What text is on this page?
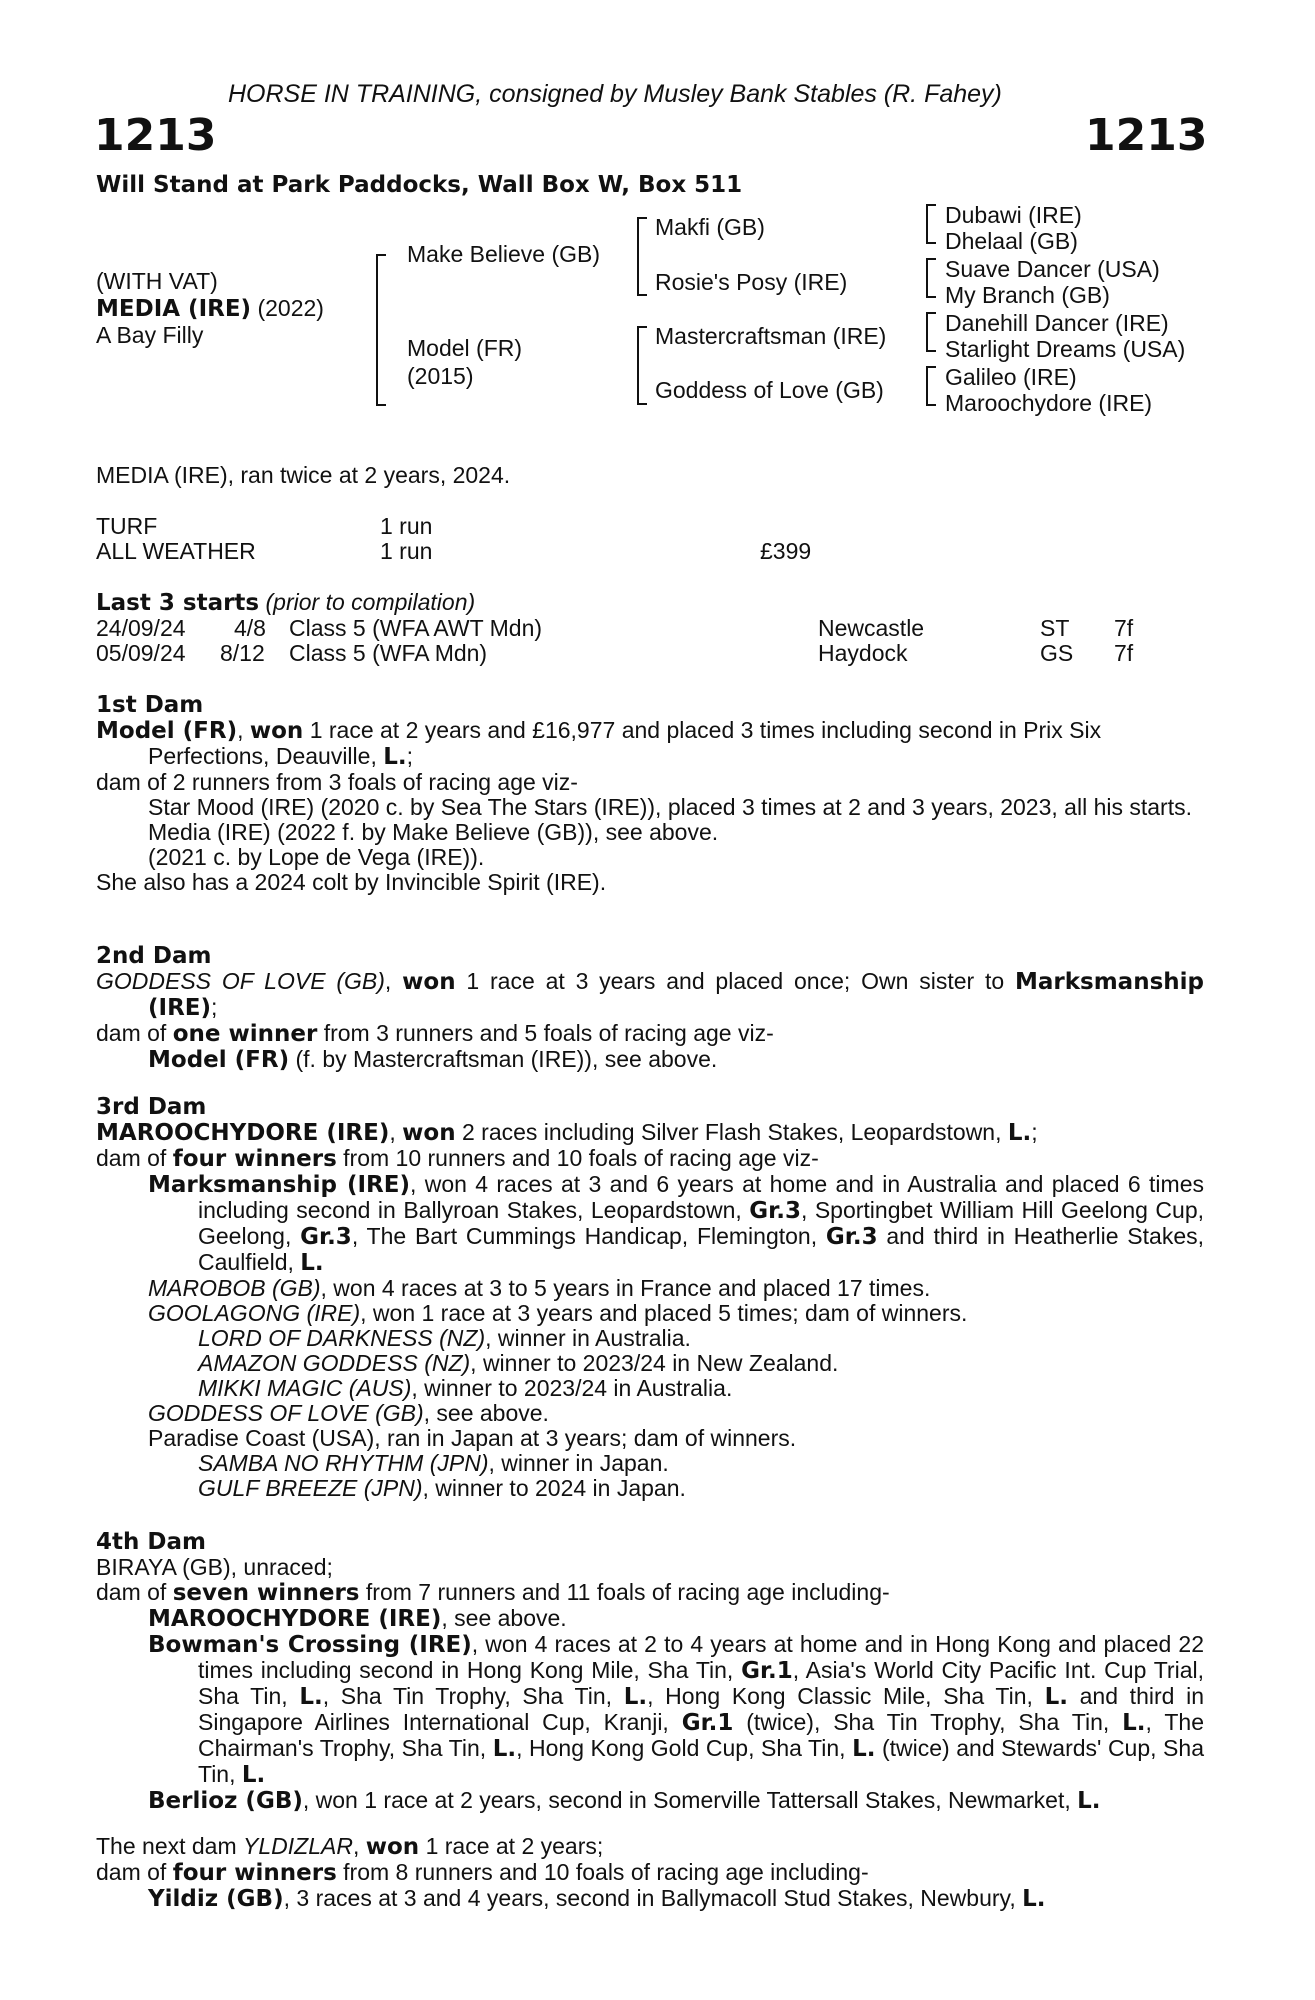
HORSE IN TRAINING, consigned by Musley Bank Stables (R. Fahey)
1213	1213
Will Stand at Park Paddocks, Wall Box W, Box 511
(WITH VAT)
MEDIA (IRE) (2022)
A Bay Filly
Make Believe (GB)
Model (FR)
(2015)
Makfi (GB)
Rosie's Posy (IRE)
Mastercraftsman (IRE)
Goddess of Love (GB)
Dubawi (IRE)
Dhelaal (GB)
Suave Dancer (USA)
My Branch (GB)
Danehill Dancer (IRE)
Starlight Dreams (USA)
Galileo (IRE)
Maroochydore (IRE)
MEDIA (IRE), ran twice at 2 years, 2024.
TURF	1 run
ALL WEATHER	1 run	£399
Last 3 starts (prior to compilation)
24/09/24 4/8 Class 5 (WFA AWT Mdn)	Newcastle	ST 7f
05/09/24 8/12 Class 5 (WFA Mdn)	Haydock	GS 7f

1st Dam

Model (FR), won 1 race at 2 years and £16,977 and placed 3 times including second in Prix Six Perfections, Deauville, L.;

dam of 2 runners from 3 foals of racing age viz-

Star Mood (IRE) (2020 c. by Sea The Stars (IRE)), placed 3 times at 2 and 3 years, 2023, all his starts.

Media (IRE) (2022 f. by Make Believe (GB)), see above.

(2021 c. by Lope de Vega (IRE)).

She also has a 2024 colt by Invincible Spirit (IRE).

2nd Dam

GODDESS OF LOVE (GB), won 1 race at 3 years and placed once; Own sister to Marksmanship (IRE);

dam of one winner from 3 runners and 5 foals of racing age viz-

Model (FR) (f. by Mastercraftsman (IRE)), see above.

3rd Dam

MAROOCHYDORE (IRE), won 2 races including Silver Flash Stakes, Leopardstown, L.;

dam of four winners from 10 runners and 10 foals of racing age viz-

Marksmanship (IRE), won 4 races at 3 and 6 years at home and in Australia and placed 6 times including second in Ballyroan Stakes, Leopardstown, Gr.3, Sportingbet William Hill Geelong Cup, Geelong, Gr.3, The Bart Cummings Handicap, Flemington, Gr.3 and third in Heatherlie Stakes, Caulfield, L.

MAROBOB (GB), won 4 races at 3 to 5 years in France and placed 17 times.

GOOLAGONG (IRE), won 1 race at 3 years and placed 5 times; dam of winners.

LORD OF DARKNESS (NZ), winner in Australia.

AMAZON GODDESS (NZ), winner to 2023/24 in New Zealand.

MIKKI MAGIC (AUS), winner to 2023/24 in Australia.

GODDESS OF LOVE (GB), see above.

Paradise Coast (USA), ran in Japan at 3 years; dam of winners.

SAMBA NO RHYTHM (JPN), winner in Japan.

GULF BREEZE (JPN), winner to 2024 in Japan.

4th Dam

BIRAYA (GB), unraced;

dam of seven winners from 7 runners and 11 foals of racing age including-

MAROOCHYDORE (IRE), see above.

Bowman's Crossing (IRE), won 4 races at 2 to 4 years at home and in Hong Kong and placed 22 times including second in Hong Kong Mile, Sha Tin, Gr.1, Asia's World City Pacific Int. Cup Trial, Sha Tin, L., Sha Tin Trophy, Sha Tin, L., Hong Kong Classic Mile, Sha Tin, L. and third in Singapore Airlines International Cup, Kranji, Gr.1 (twice), Sha Tin Trophy, Sha Tin, L., The Chairman's Trophy, Sha Tin, L., Hong Kong Gold Cup, Sha Tin, L. (twice) and Stewards' Cup, Sha Tin, L.

Berlioz (GB), won 1 race at 2 years, second in Somerville Tattersall Stakes, Newmarket, L.

The next dam YLDIZLAR, won 1 race at 2 years;

dam of four winners from 8 runners and 10 foals of racing age including-

Yildiz (GB), 3 races at 3 and 4 years, second in Ballymacoll Stud Stakes, Newbury, L.
